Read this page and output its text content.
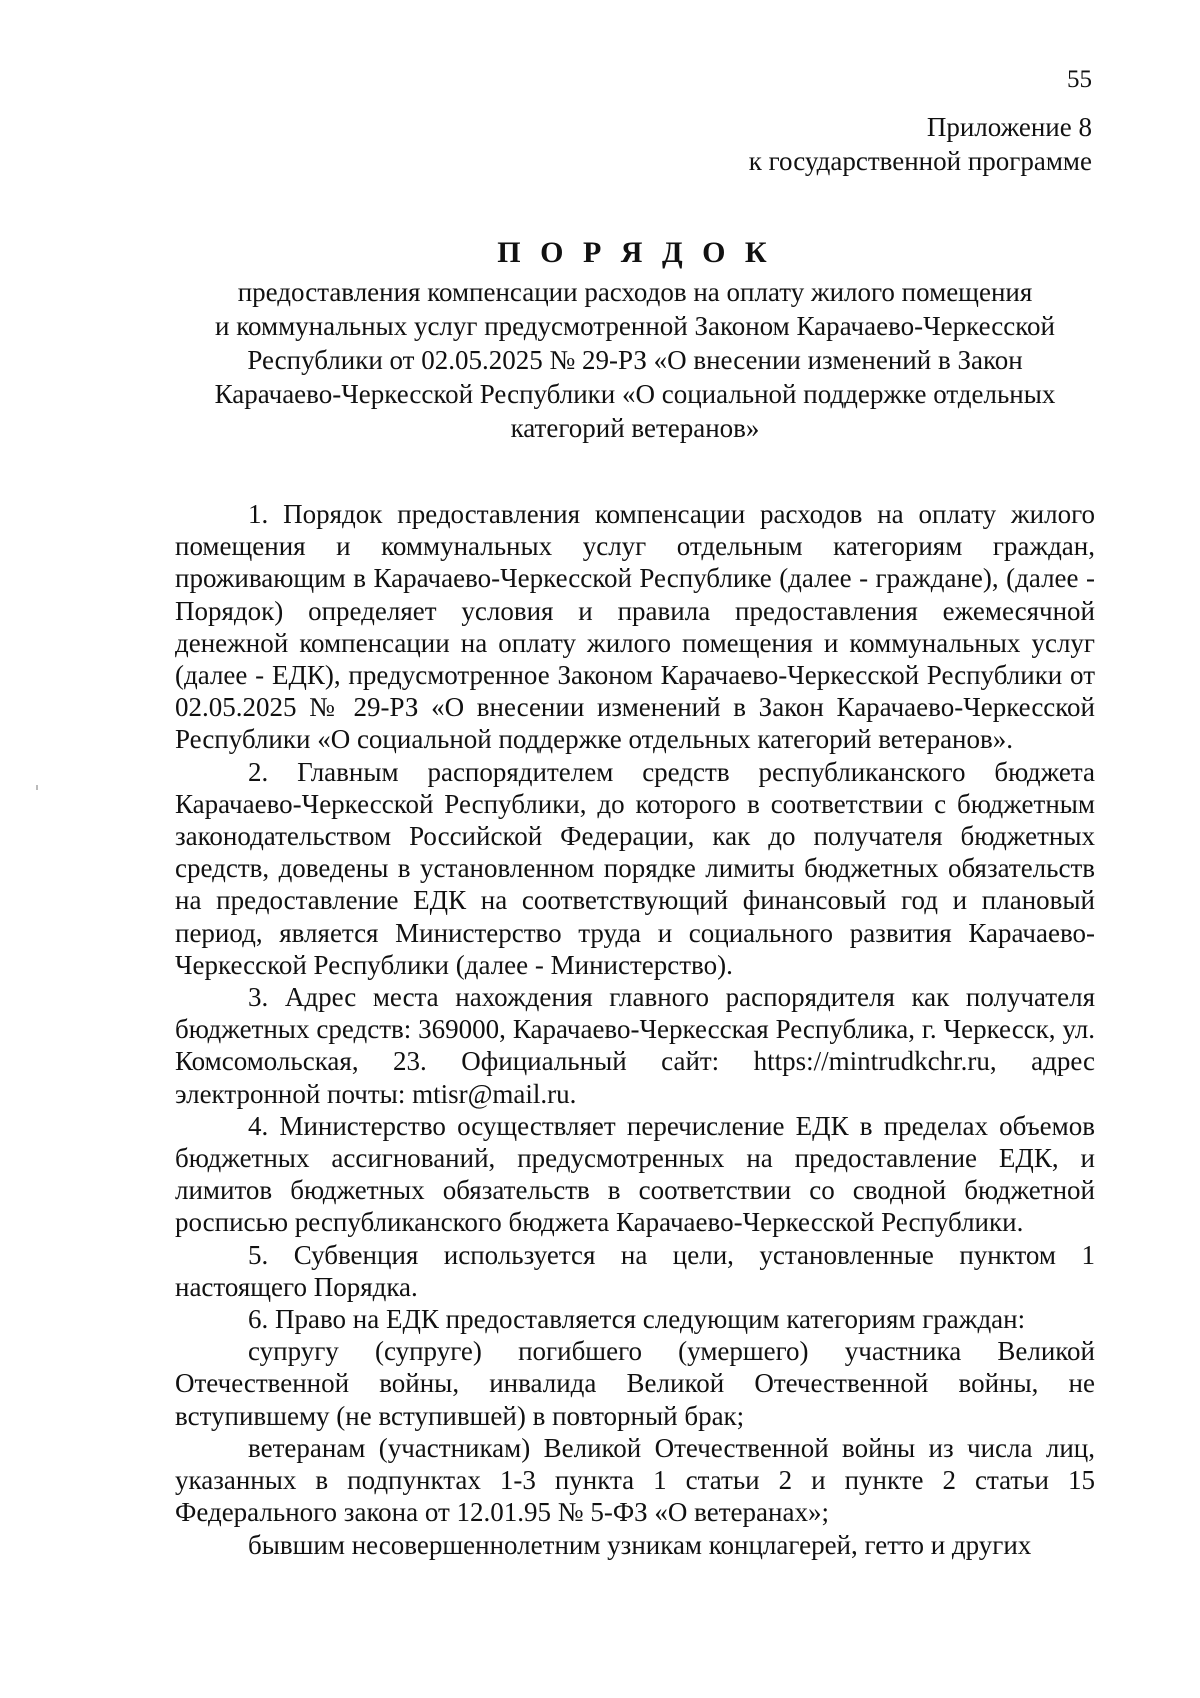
55
Приложение 8
к государственной программе
П О Р Я Д О К
предоставления компенсации расходов на оплату жилого помещения
и коммунальных услуг предусмотренной Законом Карачаево-Черкесской
Республики от 02.05.2025 № 29-РЗ «О внесении изменений в Закон
Карачаево-Черкесской Республики «О социальной поддержке отдельных
категорий ветеранов»

1. Порядок предоставления компенсации расходов на оплату жилого помещения и коммунальных услуг отдельным категориям граждан, проживающим в Карачаево-Черкесской Республике (далее - граждане), (далее - Порядок) определяет условия и правила предоставления ежемесячной денежной компенсации на оплату жилого помещения и коммунальных услуг (далее - ЕДК), предусмотренное Законом Карачаево-Черкесской Республики от 02.05.2025 № 29-РЗ «О внесении изменений в Закон Карачаево-Черкесской Республики «О социальной поддержке отдельных категорий ветеранов».

2. Главным распорядителем средств республиканского бюджета Карачаево-Черкесской Республики, до которого в соответствии с бюджетным законодательством Российской Федерации, как до получателя бюджетных средств, доведены в установленном порядке лимиты бюджетных обязательств на предоставление ЕДК на соответствующий финансовый год и плановый период, является Министерство труда и социального развития Карачаево-Черкесской Республики (далее - Министерство).

3. Адрес места нахождения главного распорядителя как получателя бюджетных средств: 369000, Карачаево-Черкесская Республика, г. Черкесск, ул. Комсомольская, 23. Официальный сайт: https://mintrudkchr.ru, адрес электронной почты: mtisr@mail.ru.

4. Министерство осуществляет перечисление ЕДК в пределах объемов бюджетных ассигнований, предусмотренных на предоставление ЕДК, и лимитов бюджетных обязательств в соответствии со сводной бюджетной росписью республиканского бюджета Карачаево-Черкесской Республики.

5. Субвенция используется на цели, установленные пунктом 1 настоящего Порядка.

6. Право на ЕДК предоставляется следующим категориям граждан:

супругу (супруге) погибшего (умершего) участника Великой Отечественной войны, инвалида Великой Отечественной войны, не вступившему (не вступившей) в повторный брак;

ветеранам (участникам) Великой Отечественной войны из числа лиц, указанных в подпунктах 1-3 пункта 1 статьи 2 и пункте 2 статьи 15 Федерального закона от 12.01.95 № 5-ФЗ «О ветеранах»;

бывшим несовершеннолетним узникам концлагерей, гетто и других
